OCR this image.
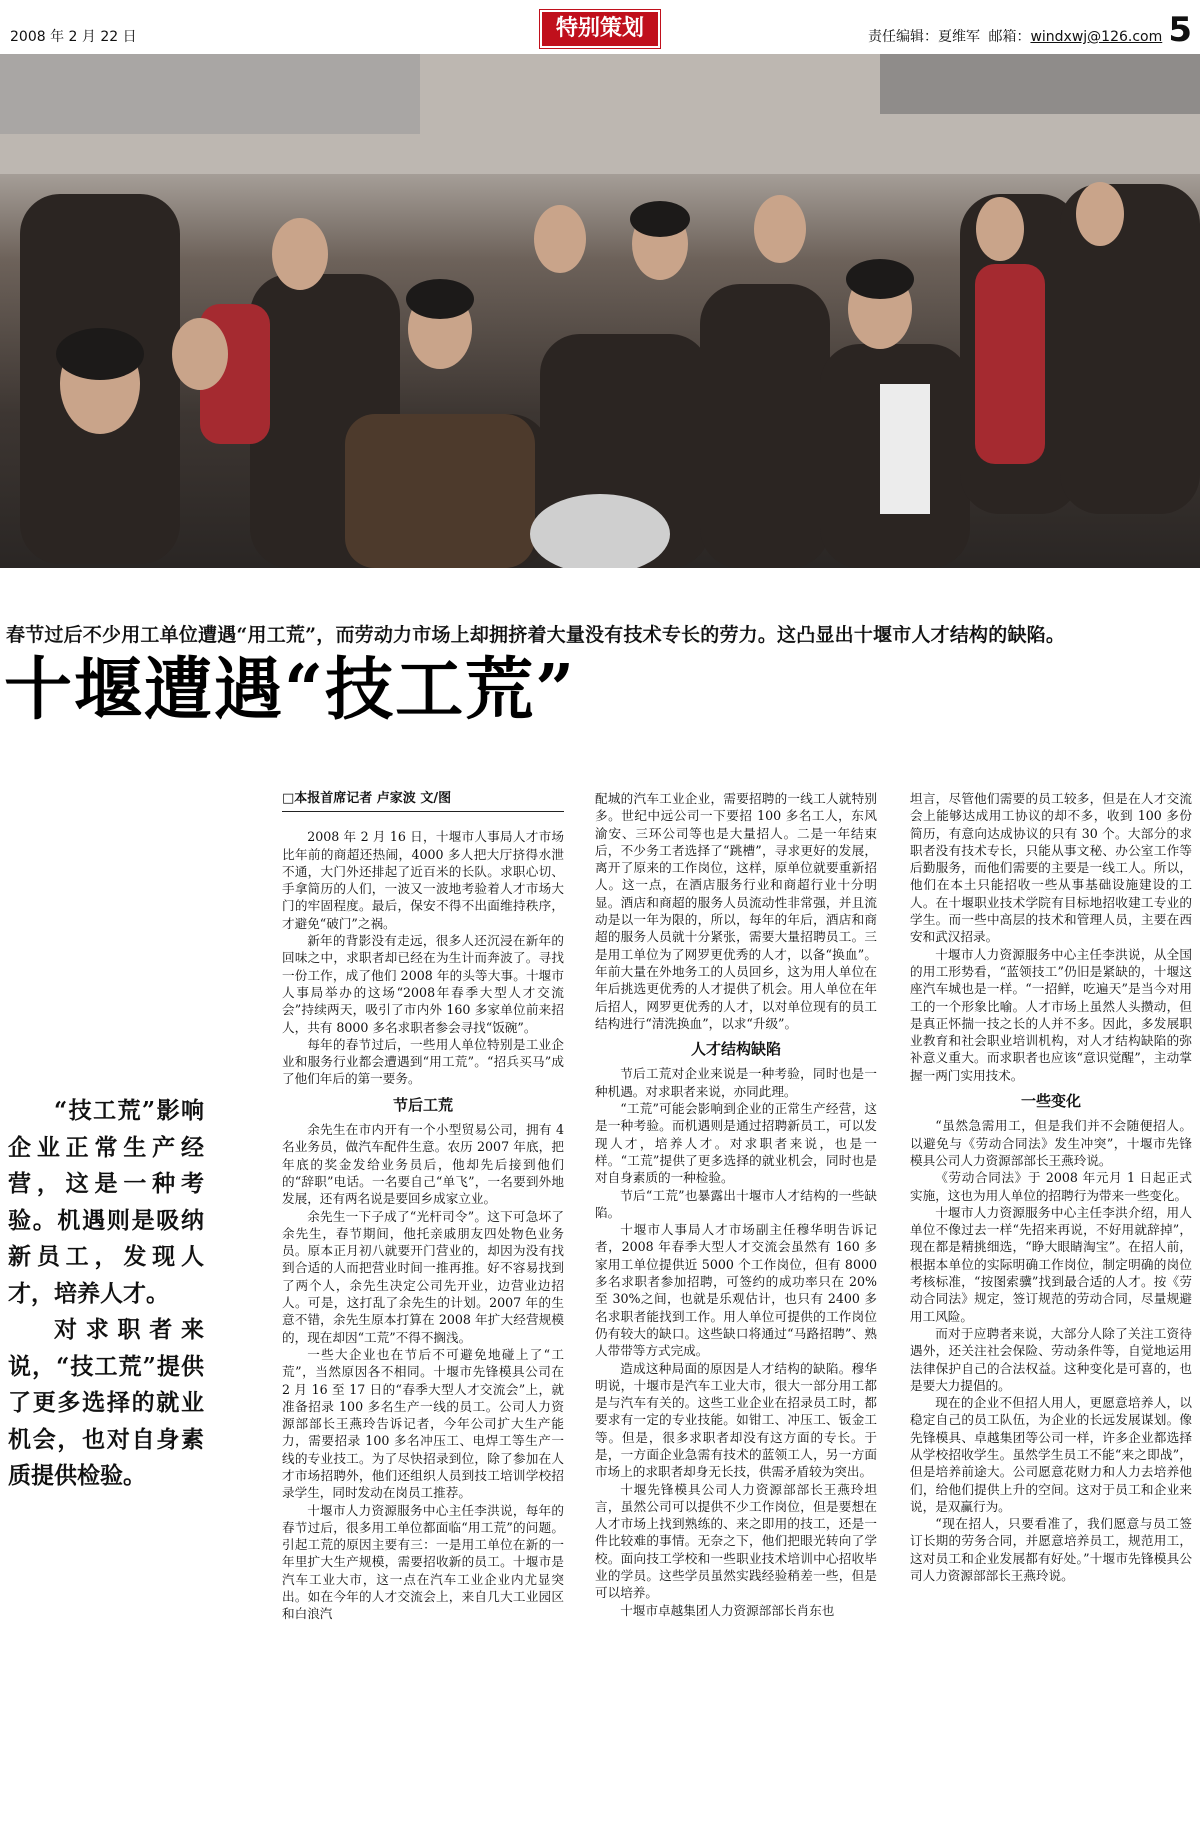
2008 年 2 月 22 日	特别策划	责任编辑：夏维军 邮箱：windxwj@126.com 5
春节过后不少用工单位遭遇“用工荒”，而劳动力市场上却拥挤着大量没有技术专长的劳力。这凸显出十堰市人才结构的缺陷。
十堰遭遇“技工荒”

“技工荒”影响企业正常生产经营，这是一种考验。机遇则是吸纳新员工，发现人才，培养人才。

对求职者来说，“技工荒”提供了更多选择的就业机会，也对自身素质提供检验。

□本报首席记者 卢家波 文/图

2008 年 2 月 16 日，十堰市人事局人才市场比年前的商超还热闹，4000 多人把大厅挤得水泄不通，大门外还排起了近百米的长队。求职心切、手拿简历的人们，一波又一波地考验着人才市场大门的牢固程度。最后，保安不得不出面维持秩序，才避免“破门”之祸。

新年的背影没有走远，很多人还沉浸在新年的回味之中，求职者却已经在为生计而奔波了。寻找一份工作，成了他们 2008 年的头等大事。十堰市人事局举办的这场“2008年春季大型人才交流会”持续两天，吸引了市内外 160 多家单位前来招人，共有 8000 多名求职者参会寻找“饭碗”。

每年的春节过后，一些用人单位特别是工业企业和服务行业都会遭遇到“用工荒”。“招兵买马”成了他们年后的第一要务。

节后工荒

余先生在市内开有一个小型贸易公司，拥有 4 名业务员，做汽车配件生意。农历 2007 年底，把年底的奖金发给业务员后，他却先后接到他们的“辞职”电话。一名要自己“单飞”，一名要到外地发展，还有两名说是要回乡成家立业。

余先生一下子成了“光杆司令”。这下可急坏了余先生，春节期间，他托亲戚朋友四处物色业务员。原本正月初八就要开门营业的，却因为没有找到合适的人而把营业时间一推再推。好不容易找到了两个人，余先生决定公司先开业，边营业边招人。可是，这打乱了余先生的计划。2007 年的生意不错，余先生原本打算在 2008 年扩大经营规模的，现在却因“工荒”不得不搁浅。

一些大企业也在节后不可避免地碰上了“工荒”，当然原因各不相同。十堰市先锋模具公司在 2 月 16 至 17 日的“春季大型人才交流会”上，就准备招录 100 多名生产一线的员工。公司人力资源部部长王燕玲告诉记者，今年公司扩大生产能力，需要招录 100 多名冲压工、电焊工等生产一线的专业技工。为了尽快招录到位，除了参加在人才市场招聘外，他们还组织人员到技工培训学校招录学生，同时发动在岗员工推荐。

十堰市人力资源服务中心主任李洪说，每年的春节过后，很多用工单位都面临“用工荒”的问题。引起工荒的原因主要有三：一是用工单位在新的一年里扩大生产规模，需要招收新的员工。十堰市是汽车工业大市，这一点在汽车工业企业内尤显突出。如在今年的人才交流会上，来自几大工业园区和白浪汽

配城的汽车工业企业，需要招聘的一线工人就特别多。世纪中远公司一下要招 100 多名工人，东风渝安、三环公司等也是大量招人。二是一年结束后，不少务工者选择了“跳槽”，寻求更好的发展，离开了原来的工作岗位，这样，原单位就要重新招人。这一点，在酒店服务行业和商超行业十分明显。酒店和商超的服务人员流动性非常强，并且流动是以一年为限的，所以，每年的年后，酒店和商超的服务人员就十分紧张，需要大量招聘员工。三是用工单位为了网罗更优秀的人才，以备“换血”。年前大量在外地务工的人员回乡，这为用人单位在年后挑选更优秀的人才提供了机会。用人单位在年后招人，网罗更优秀的人才，以对单位现有的员工结构进行“清洗换血”，以求“升级”。

人才结构缺陷

节后工荒对企业来说是一种考验，同时也是一种机遇。对求职者来说，亦同此理。

“工荒”可能会影响到企业的正常生产经营，这是一种考验。而机遇则是通过招聘新员工，可以发现人才，培养人才。对求职者来说，也是一样。“工荒”提供了更多选择的就业机会，同时也是对自身素质的一种检验。

节后“工荒”也暴露出十堰市人才结构的一些缺陷。

十堰市人事局人才市场副主任穆华明告诉记者，2008 年春季大型人才交流会虽然有 160 多家用工单位提供近 5000 个工作岗位，但有 8000 多名求职者参加招聘，可签约的成功率只在 20%至 30%之间，也就是乐观估计，也只有 2400 多名求职者能找到工作。用人单位可提供的工作岗位仍有较大的缺口。这些缺口将通过“马路招聘”、熟人带带等方式完成。

造成这种局面的原因是人才结构的缺陷。穆华明说，十堰市是汽车工业大市，很大一部分用工都是与汽车有关的。这些工业企业在招录员工时，都要求有一定的专业技能。如钳工、冲压工、钣金工等。但是，很多求职者却没有这方面的专长。于是，一方面企业急需有技术的蓝领工人，另一方面市场上的求职者却身无长技，供需矛盾较为突出。

十堰先锋模具公司人力资源部部长王燕玲坦言，虽然公司可以提供不少工作岗位，但是要想在人才市场上找到熟练的、来之即用的技工，还是一件比较难的事情。无奈之下，他们把眼光转向了学校。面向技工学校和一些职业技术培训中心招收毕业的学员。这些学员虽然实践经验稍差一些，但是可以培养。

十堰市卓越集团人力资源部部长肖东也

坦言，尽管他们需要的员工较多，但是在人才交流会上能够达成用工协议的却不多，收到 100 多份简历，有意向达成协议的只有 30 个。大部分的求职者没有技术专长，只能从事文秘、办公室工作等后勤服务，而他们需要的主要是一线工人。所以，他们在本土只能招收一些从事基础设施建设的工人。在十堰职业技术学院有目标地招收建工专业的学生。而一些中高层的技术和管理人员，主要在西安和武汉招录。

十堰市人力资源服务中心主任李洪说，从全国的用工形势看，“蓝领技工”仍旧是紧缺的，十堰这座汽车城也是一样。“一招鲜，吃遍天”是当今对用工的一个形象比喻。人才市场上虽然人头攒动，但是真正怀揣一技之长的人并不多。因此，多发展职业教育和社会职业培训机构，对人才结构缺陷的弥补意义重大。而求职者也应该“意识觉醒”，主动掌握一两门实用技术。

一些变化

“虽然急需用工，但是我们并不会随便招人。以避免与《劳动合同法》发生冲突”，十堰市先锋模具公司人力资源部部长王燕玲说。

《劳动合同法》于 2008 年元月 1 日起正式实施，这也为用人单位的招聘行为带来一些变化。

十堰市人力资源服务中心主任李洪介绍，用人单位不像过去一样“先招来再说，不好用就辞掉”，现在都是精挑细选，“睁大眼睛淘宝”。在招人前，根据本单位的实际明确工作岗位，制定明确的岗位考核标准，“按图索骥”找到最合适的人才。按《劳动合同法》规定，签订规范的劳动合同，尽量规避用工风险。

而对于应聘者来说，大部分人除了关注工资待遇外，还关注社会保险、劳动条件等，自觉地运用法律保护自己的合法权益。这种变化是可喜的，也是要大力提倡的。

现在的企业不但招人用人，更愿意培养人，以稳定自己的员工队伍，为企业的长远发展谋划。像先锋模具、卓越集团等公司一样，许多企业都选择从学校招收学生。虽然学生员工不能“来之即战”，但是培养前途大。公司愿意花财力和人力去培养他们，给他们提供上升的空间。这对于员工和企业来说，是双赢行为。

“现在招人，只要看准了，我们愿意与员工签订长期的劳务合同，并愿意培养员工，规范用工，这对员工和企业发展都有好处。”十堰市先锋模具公司人力资源部部长王燕玲说。
